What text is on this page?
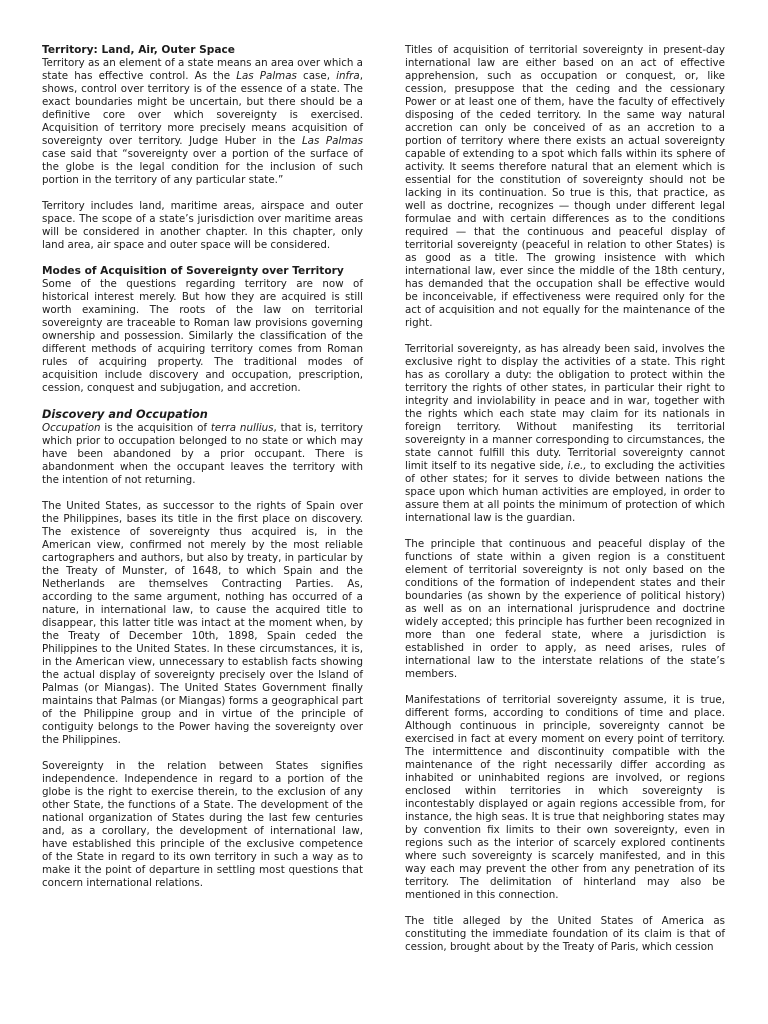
Territory: Land, Air, Outer Space

Territory as an element of a state means an area over which a state has effective control. As the Las Palmas case, infra, shows, control over territory is of the essence of a state. The exact boundaries might be uncertain, but there should be a definitive core over which sovereignty is exercised. Acquisition of territory more precisely means acquisition of sovereignty over territory. Judge Huber in the Las Palmas case said that “sovereignty over a portion of the surface of the globe is the legal condition for the inclusion of such portion in the territory of any particular state.”

Territory includes land, maritime areas, airspace and outer space. The scope of a state’s jurisdiction over maritime areas will be considered in another chapter. In this chapter, only land area, air space and outer space will be considered.

Modes of Acquisition of Sovereignty over Territory

Some of the questions regarding territory are now of historical interest merely. But how they are acquired is still worth examining. The roots of the law on territorial sovereignty are traceable to Roman law provisions governing ownership and possession. Similarly the classification of the different methods of acquiring territory comes from Roman rules of acquiring property. The traditional modes of acquisition include discovery and occupation, prescription, cession, conquest and subjugation, and accretion.

Discovery and Occupation

Occupation is the acquisition of terra nullius, that is, territory which prior to occupation belonged to no state or which may have been abandoned by a prior occupant. There is abandonment when the occupant leaves the territory with the intention of not returning.

The United States, as successor to the rights of Spain over the Philippines, bases its title in the first place on discovery. The existence of sovereignty thus acquired is, in the American view, confirmed not merely by the most reliable cartographers and authors, but also by treaty, in particular by the Treaty of Munster, of 1648, to which Spain and the Netherlands are themselves Contracting Parties. As, according to the same argument, nothing has occurred of a nature, in international law, to cause the acquired title to disappear, this latter title was intact at the moment when, by the Treaty of December 10th, 1898, Spain ceded the Philippines to the United States. In these circumstances, it is, in the American view, unnecessary to establish facts showing the actual display of sovereignty precisely over the Island of Palmas (or Miangas). The United States Government finally maintains that Palmas (or Miangas) forms a geographical part of the Philippine group and in virtue of the principle of contiguity belongs to the Power having the sovereignty over the Philippines.

Sovereignty in the relation between States signifies independence. Independence in regard to a portion of the globe is the right to exercise therein, to the exclusion of any other State, the functions of a State. The development of the national organization of States during the last few centuries and, as a corollary, the development of international law, have established this principle of the exclusive competence of the State in regard to its own territory in such a way as to make it the point of departure in settling most questions that concern international relations.

Titles of acquisition of territorial sovereignty in present-day international law are either based on an act of effective apprehension, such as occupation or conquest, or, like cession, presuppose that the ceding and the cessionary Power or at least one of them, have the faculty of effectively disposing of the ceded territory. In the same way natural accretion can only be conceived of as an accretion to a portion of territory where there exists an actual sovereignty capable of extending to a spot which falls within its sphere of activity. It seems therefore natural that an element which is essential for the constitution of sovereignty should not be lacking in its continuation. So true is this, that practice, as well as doctrine, recognizes — though under different legal formulae and with certain differences as to the conditions required — that the continuous and peaceful display of territorial sovereignty (peaceful in relation to other States) is as good as a title. The growing insistence with which international law, ever since the middle of the 18th century, has demanded that the occupation shall be effective would be inconceivable, if effectiveness were required only for the act of acquisition and not equally for the maintenance of the right.

Territorial sovereignty, as has already been said, involves the exclusive right to display the activities of a state. This right has as corollary a duty: the obligation to protect within the territory the rights of other states, in particular their right to integrity and inviolability in peace and in war, together with the rights which each state may claim for its nationals in foreign territory. Without manifesting its territorial sovereignty in a manner corresponding to circumstances, the state cannot fulfill this duty. Territorial sovereignty cannot limit itself to its negative side, i.e., to excluding the activities of other states; for it serves to divide between nations the space upon which human activities are employed, in order to assure them at all points the minimum of protection of which international law is the guardian.

The principle that continuous and peaceful display of the functions of state within a given region is a constituent element of territorial sovereignty is not only based on the conditions of the formation of independent states and their boundaries (as shown by the experience of political history) as well as on an international jurisprudence and doctrine widely accepted; this principle has further been recognized in more than one federal state, where a jurisdiction is established in order to apply, as need arises, rules of international law to the interstate relations of the state’s members.

Manifestations of territorial sovereignty assume, it is true, different forms, according to conditions of time and place. Although continuous in principle, sovereignty cannot be exercised in fact at every moment on every point of territory. The intermittence and discontinuity compatible with the maintenance of the right necessarily differ according as inhabited or uninhabited regions are involved, or regions enclosed within territories in which sovereignty is incontestably displayed or again regions accessible from, for instance, the high seas. It is true that neighboring states may by convention fix limits to their own sovereignty, even in regions such as the interior of scarcely explored continents where such sovereignty is scarcely manifested, and in this way each may prevent the other from any penetration of its territory. The delimitation of hinterland may also be mentioned in this connection.

The title alleged by the United States of America as constituting the immediate foundation of its claim is that of cession, brought about by the Treaty of Paris, which cession
